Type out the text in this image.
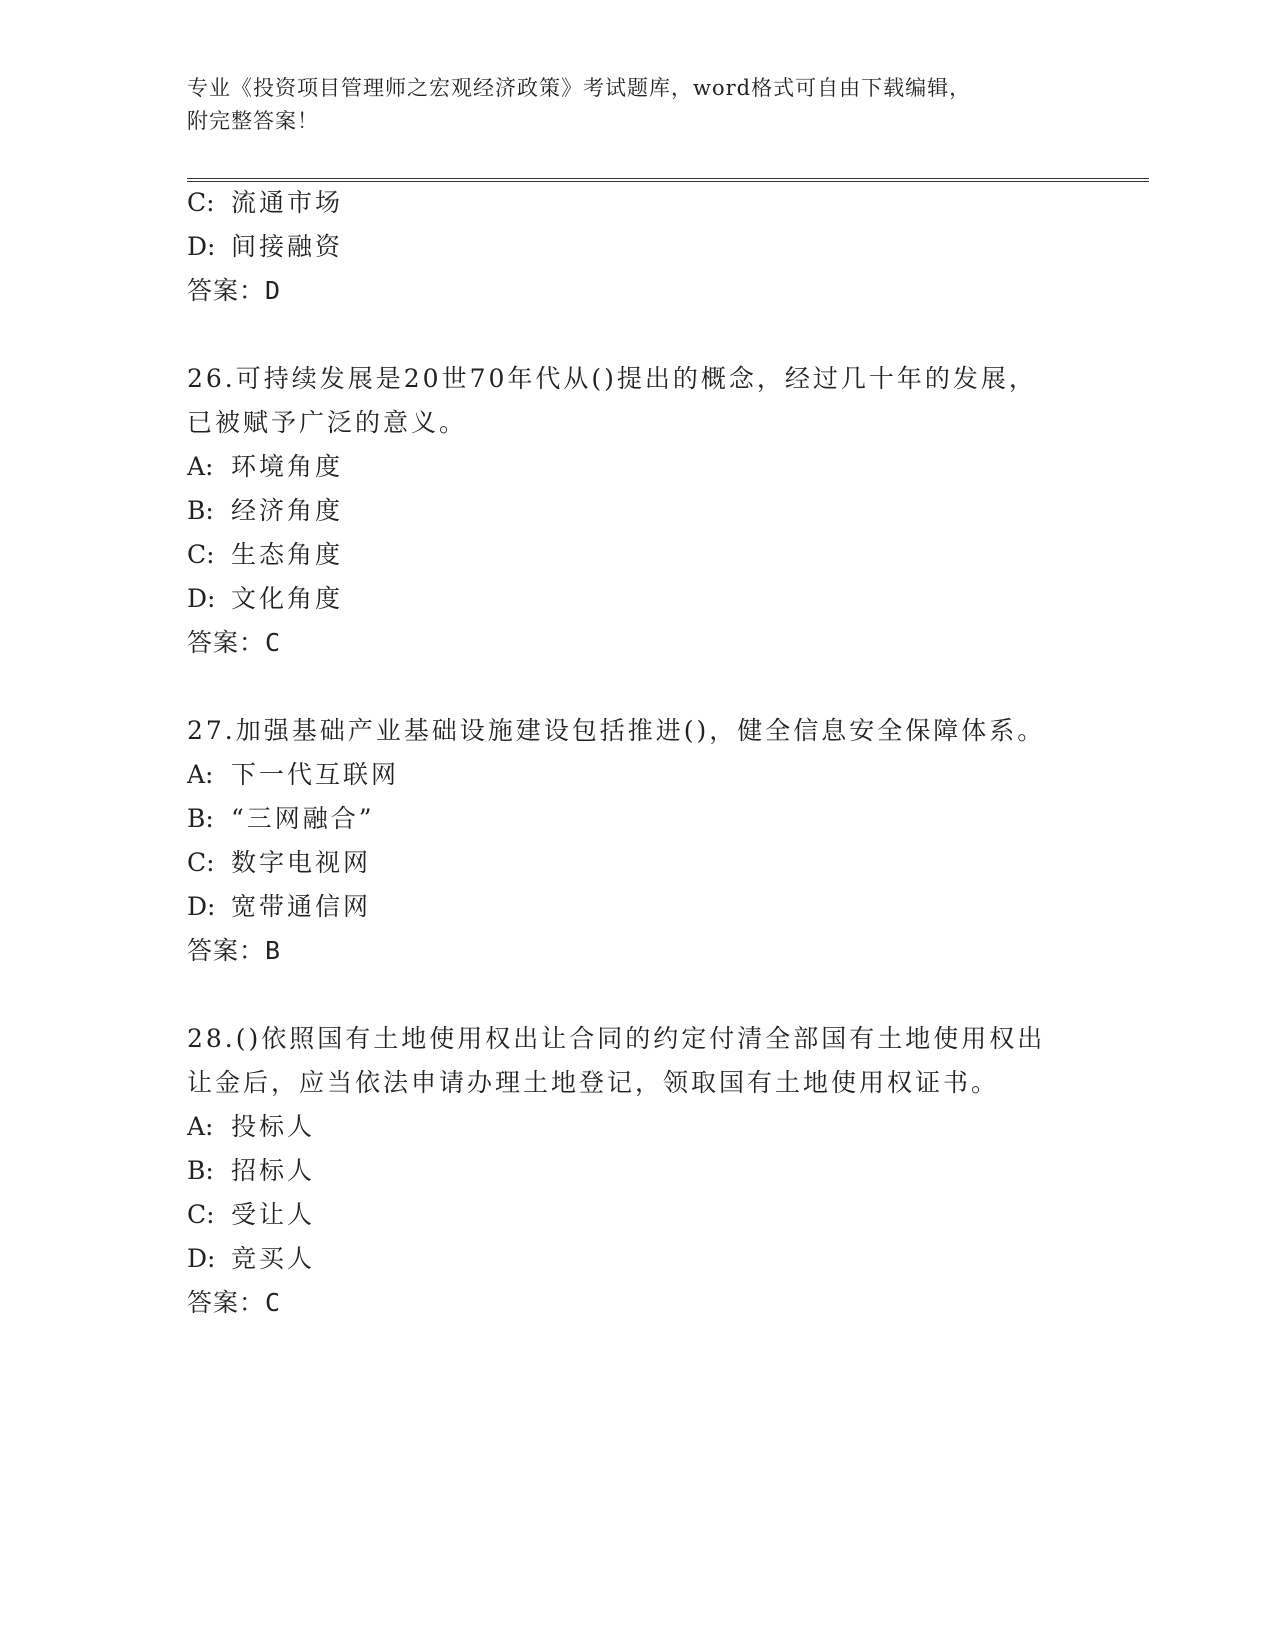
专业《投资项目管理师之宏观经济政策》考试题库，word格式可自由下载编辑，
附完整答案！
C: 流通市场
D: 间接融资
答案：D
26.可持续发展是20世70年代从()提出的概念，经过几十年的发展，
已被赋予广泛的意义。
A: 环境角度
B: 经济角度
C: 生态角度
D: 文化角度
答案：C
27.加强基础产业基础设施建设包括推进()，健全信息安全保障体系。
A: 下一代互联网
B: “三网融合”
C: 数字电视网
D: 宽带通信网
答案：B
28.()依照国有土地使用权出让合同的约定付清全部国有土地使用权出
让金后，应当依法申请办理土地登记，领取国有土地使用权证书。
A: 投标人
B: 招标人
C: 受让人
D: 竞买人
答案：C
